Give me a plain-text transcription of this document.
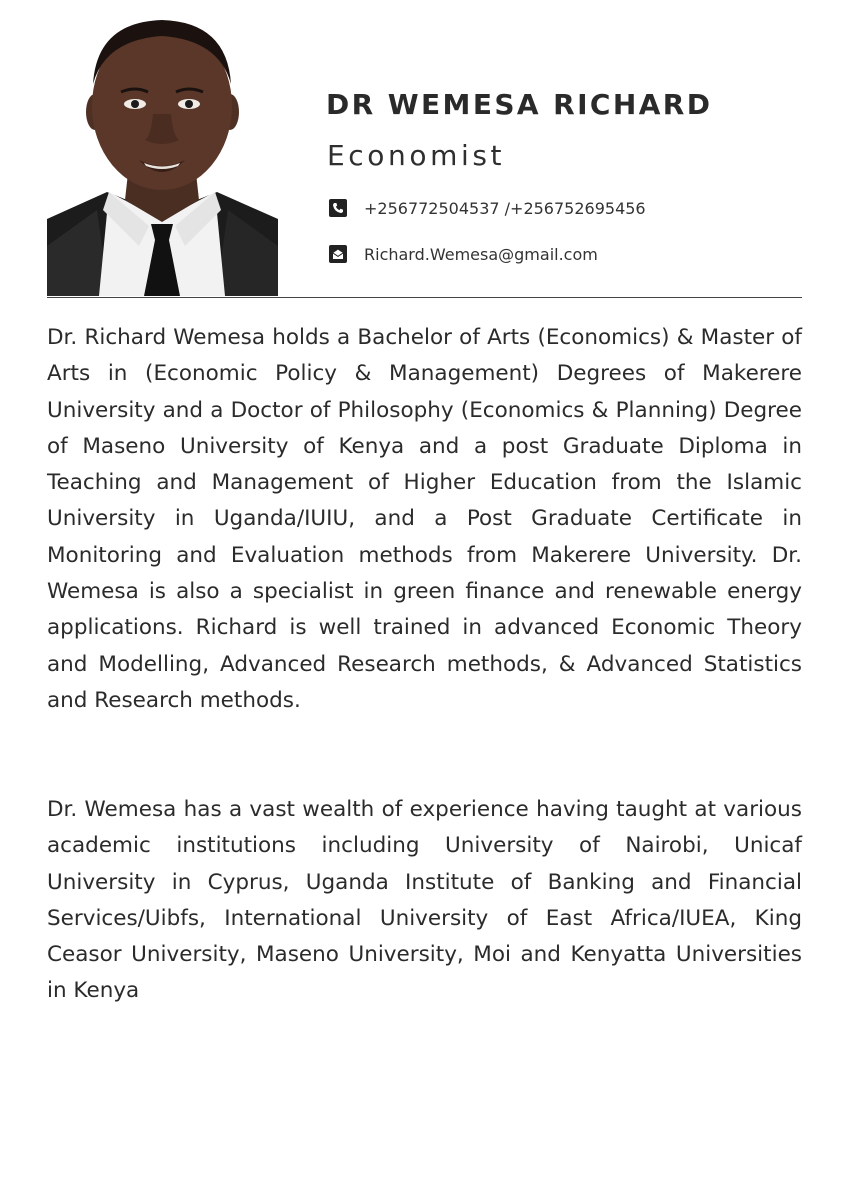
DR WEMESA RICHARD
Economist
+256772504537 /+256752695456
Richard.Wemesa@gmail.com

Dr. Richard Wemesa holds a Bachelor of Arts (Economics) & Master of Arts in (Economic Policy & Management) Degrees of Makerere University and a Doctor of Philosophy (Economics & Planning) Degree of Maseno University of Kenya and a post Graduate Diploma in Teaching and Management of Higher Education from the Islamic University in Uganda/IUIU, and a Post Graduate Certificate in Monitoring and Evaluation methods from Makerere University. Dr. Wemesa is also a specialist in green finance and renewable energy applications. Richard is well trained in advanced Economic Theory and Modelling, Advanced Research methods, & Advanced Statistics and Research methods.

Dr. Wemesa has a vast wealth of experience having taught at various academic institutions including University of Nairobi, Unicaf University in Cyprus, Uganda Institute of Banking and Financial Services/Uibfs, International University of East Africa/IUEA, King Ceasor University, Maseno University, Moi and Kenyatta Universities in Kenya
